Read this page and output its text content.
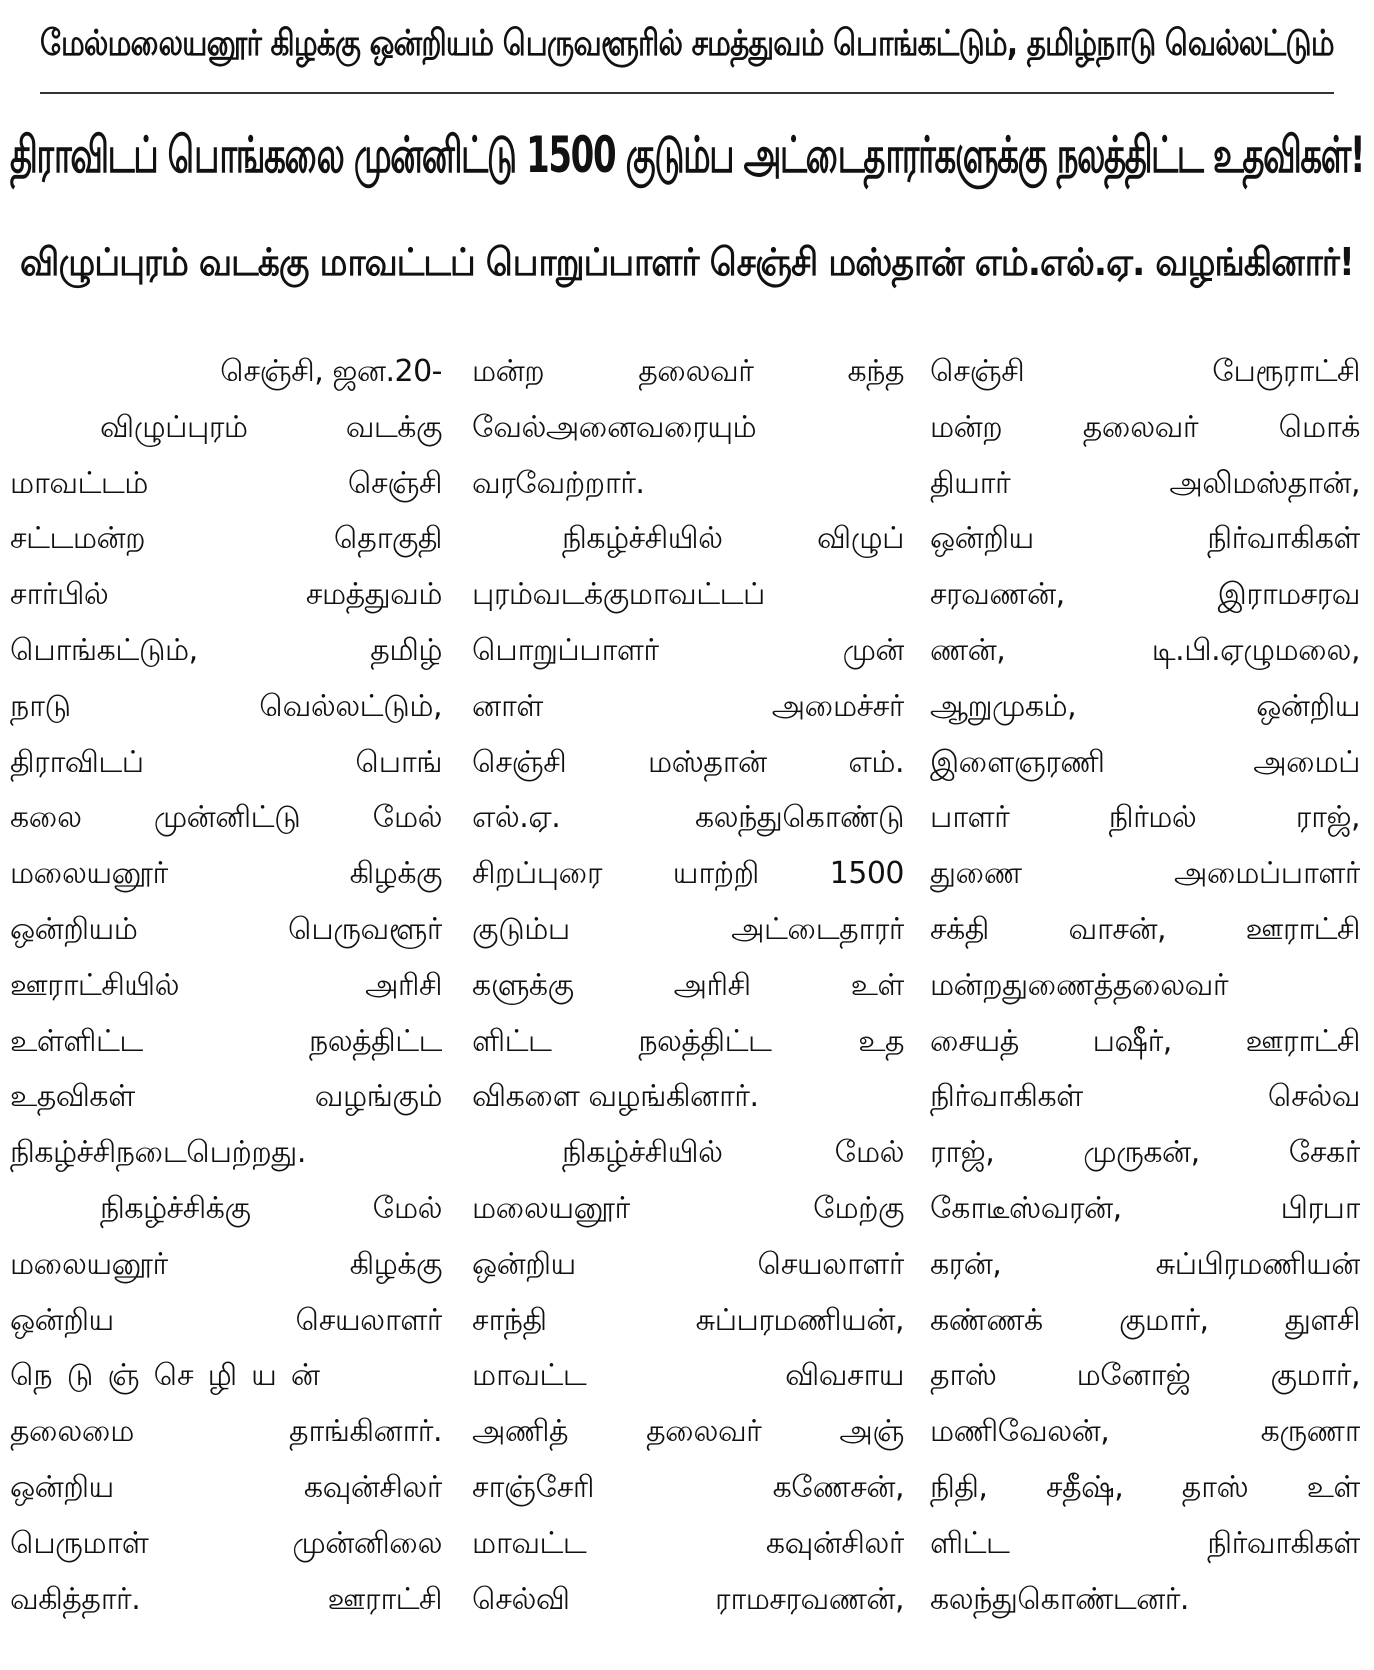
மேல்மலையனூர் கிழக்கு ஒன்றியம் பெருவளூரில் சமத்துவம் பொங்கட்டும், தமிழ்நாடு வெல்லட்டும்
திராவிடப் பொங்கலை முன்னிட்டு 1500 குடும்ப அட்டைதாரர்களுக்கு நலத்திட்ட உதவிகள்!
விழுப்புரம் வடக்கு மாவட்டப் பொறுப்பாளர் செஞ்சி மஸ்தான் எம்.எல்.ஏ. வழங்கினார்!
செஞ்சி, ஜன.20-
விழுப்புரம் வடக்கு
மாவட்டம் செஞ்சி
சட்டமன்ற தொகுதி
சார்பில் சமத்துவம்
பொங்கட்டும், தமிழ்
நாடு வெல்லட்டும்,
திராவிடப் பொங்
கலை முன்னிட்டு மேல்
மலையனூர் கிழக்கு
ஒன்றியம் பெருவளூர்
ஊராட்சியில் அரிசி
உள்ளிட்ட நலத்திட்ட
உதவிகள் வழங்கும்
நிகழ்ச்சிநடைபெற்றது.
நிகழ்ச்சிக்கு மேல்
மலையனூர் கிழக்கு
ஒன்றிய செயலாளர்
நெடுஞ்செழியன்
தலைமை தாங்கினார்.
ஒன்றிய கவுன்சிலர்
பெருமாள் முன்னிலை
வகித்தார். ஊராட்சி
மன்ற தலைவர் கந்த
வேல்அனைவரையும்
வரவேற்றார்.
நிகழ்ச்சியில் விழுப்
புரம்வடக்குமாவட்டப்
பொறுப்பாளர் முன்
னாள் அமைச்சர்
செஞ்சி மஸ்தான் எம்.
எல்.ஏ. கலந்துகொண்டு
சிறப்புரை யாற்றி 1500
குடும்ப அட்டைதாரர்
களுக்கு அரிசி உள்
ளிட்ட நலத்திட்ட உத
விகளை வழங்கினார்.
நிகழ்ச்சியில் மேல்
மலையனூர் மேற்கு
ஒன்றிய செயலாளர்
சாந்தி சுப்பரமணியன்,
மாவட்ட விவசாய
அணித் தலைவர் அஞ்
சாஞ்சேரி கணேசன்,
மாவட்ட கவுன்சிலர்
செல்வி ராமசரவணன்,
செஞ்சி பேரூராட்சி
மன்ற தலைவர் மொக்
தியார் அலிமஸ்தான்,
ஒன்றிய நிர்வாகிகள்
சரவணன், இராமசரவ
ணன், டி.பி.ஏழுமலை,
ஆறுமுகம், ஒன்றிய
இளைஞரணி அமைப்
பாளர் நிர்மல் ராஜ்,
துணை அமைப்பாளர்
சக்தி வாசன், ஊராட்சி
மன்றதுணைத்தலைவர்
சையத் பஷீர், ஊராட்சி
நிர்வாகிகள் செல்வ
ராஜ், முருகன், சேகர்
கோடீஸ்வரன், பிரபா
கரன், சுப்பிரமணியன்
கண்ணக் குமார், துளசி
தாஸ் மனோஜ் குமார்,
மணிவேலன், கருணா
நிதி, சதீஷ், தாஸ் உள்
ளிட்ட நிர்வாகிகள்
கலந்துகொண்டனர்.
